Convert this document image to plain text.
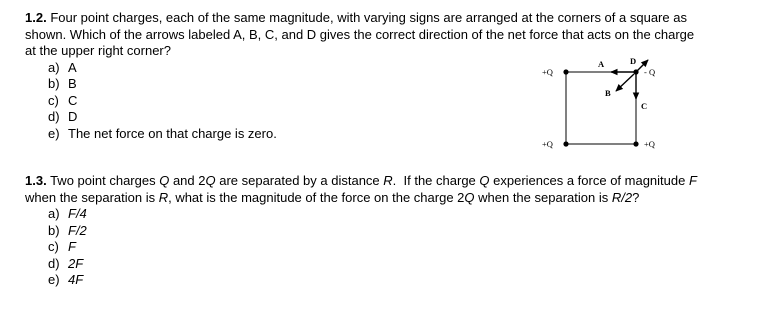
1.2. Four point charges, each of the same magnitude, with varying signs are arranged at the corners of a square as
shown. Which of the arrows labeled A, B, C, and D gives the correct direction of the net force that acts on the charge
at the upper right corner?

a) A
b) B
c) C
d) D
e) The net force on that charge is zero.
+Q	- Q
+Q	+Q
A
B
C
D

1.3. Two point charges Q and 2Q are separated by a distance R.  If the charge Q experiences a force of magnitude F
when the separation is R, what is the magnitude of the force on the charge 2Q when the separation is R/2?

a) F/4
b) F/2
c) F
d) 2F
e) 4F
